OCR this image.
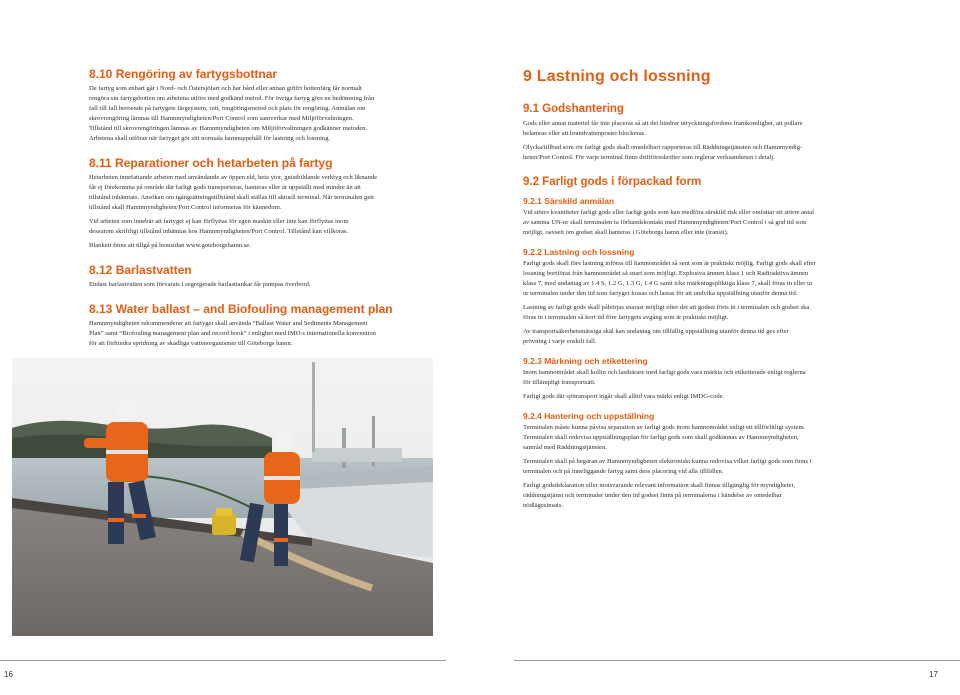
8.10 Rengöring av fartygsbottnar

De fartyg som enbart går i Nord- och Östersjöfart och har hård eller annan giftfri bottenfärg får normalt

rengöra sin fartygsbotten om arbetena utförs med godkänd metod. För övriga fartyg görs en bedömning från

fall till fall beroende på fartygets färgsystem, rutt, rengöringsmetod och plats för rengöring. Anmälan om

skrovrengöring lämnas till Hamnmyndigheten/Port Control som samverkar med Miljöförvaltningen.

Tillstånd till skrovrengöringen lämnas av Hamnmyndigheten om Miljöförvaltningen godkänner metoden.

Arbetena skall utföras när fartyget gör sitt normala hamnuppehåll för lastning och lossning.

8.11 Reparationer och hetarbeten på fartyg

Hetarbeten innefattande arbeten med användande av öppen eld, heta ytor, gnistbildande verktyg och liknande

får ej förekomma på område där farligt gods transporteras, hanteras eller är uppställt med mindre än att

tillstånd inhämtats. Ansökan om igångsättningstillstånd skall ställas till aktuell terminal. När terminalen gett

tillstånd skall Hamnmyndigheten/Port Control informeras för kännedom.

Vid arbeten som innebär att fartyget ej kan förflyttas för egen maskin eller inte kan förflyttas inom

dessutom skriftligt tillstånd inhämtas hos Hamnmyndigheten/Port Control. Tillstånd kan villkoras.

Blankett finns att tillgå på hemsidan www.goteborgshamn.se.

8.12 Barlastvatten

Endast barlastvatten som förvarats i segregerade barlasttankar får pumpas överbord.

8.13 Water ballast – and Biofouling management plan

Hamnmyndigheten rekommenderar att fartyget skall använda “Ballast Water and Sediments Management

Plan” samt “Biofouling management plan and record book” i enlighet med IMO:s internationella konvention

för att förhindra spridning av skadliga vattenorganismer till Göteborgs hamn.

9 Lastning och lossning
9.1 Godshantering

Gods eller annat materiel får inte placeras så att det hindrar utryckningsfordons framkomlighet, att pollare

belamras eller att brandvattenposter blockeras.

Olycka/tillbud som rör farligt gods skall omedelbart rapporteras till Räddningstjänsten och Hamnmyndig-

heten/Port Control. För varje terminal finns driftföreskrifter som reglerar verksamheten i detalj.

9.2 Farligt gods i förpackad form
9.2.1 Särskild anmälan

Vid större kvantiteter farligt gods eller farligt gods som kan medföra särskild risk eller omfattar ett större antal

av samma UN-nr skall terminalen ta förhandskontakt med Hamnmyndigheten/Port Control i så god tid som

möjligt, oavsett om godset skall hanteras i Göteborgs hamn eller inte (transit).

9.2.2 Lastning och lossning

Farligt gods skall före lastning införas till hamnområdet så sent som är praktiskt möjlig. Farligt gods skall efter

lossning bortföras från hamnområdet så snart som möjligt. Explosiva ämnen klass 1 och Radioaktiva ämnen

klass 7, med undantag av 1.4 S, 1.2 G, 1.3 G, 1.4 G samt icke märkningspliktiga klass 7, skall föras in eller ut

ur terminalen under den tid som fartyget lossas och lastas för att undvika uppställning utanför denna tid.

Lastning av farligt gods skall påbörjas snarast möjligt efter det att godset förts in i terminalen och godset ska

föras in i terminalen så kort tid före fartygets avgång som är praktiskt möjligt.

Av transportsäkerhetsmässiga skäl kan undantag om tillfällig uppställning utanför denna tid ges efter

prövning i varje enskilt fall.

9.2.3 Märkning och etikettering

Inom hamnområdet skall kollin och lastbärare med farligt gods vara märkta och etiketterade enligt reglerna

för tillämpligt transportsätt.

Farligt gods där sjötransport ingår skall alltid vara märkt enligt IMDG-code.

9.2.4 Hantering och uppställning

Terminalen måste kunna påvisa separation av farligt gods inom hamnområdet enligt ett tillförlitligt system.

Terminalen skall redovisa uppställningsplan för farligt gods som skall godkännas av Hamnmyndigheten,

samråd med Räddningstjänsten.

Terminalen skall på begäran av Hamnmyndigheten elektroniskt kunna redovisa vilket farligt gods som finns i

terminalen och på inneliggande fartyg samt dess placering vid alla tillfällen.

Farligt godsdeklaration eller motsvarande relevant information skall finnas tillgänglig för myndigheter,

räddningstjänst och terminaler under den tid godset finns på terminalerna i händelse av omedelbar

nödlägesinsats.

16	17
